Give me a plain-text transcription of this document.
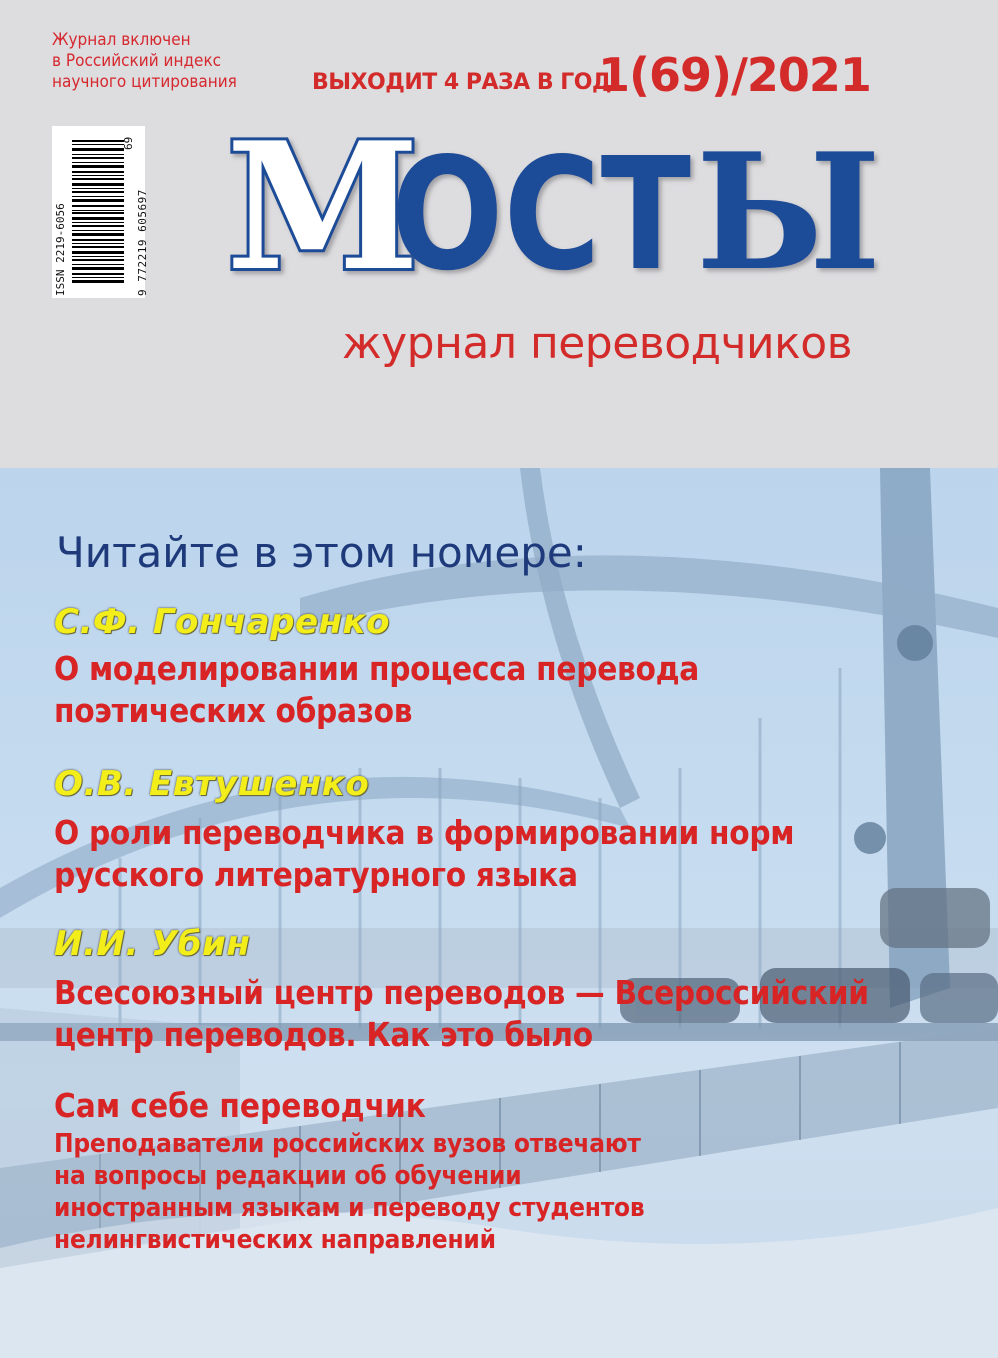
Журнал включен
в Российский индекс
научного цитирования	ВЫХОДИТ 4 РАЗА В ГОД
1(69)/2021
ISSN 2219-6056	9 772219 605697
69 М
ОСТ Ы
журнал переводчиков
Читайте в этом номере:
С.Ф. Гончаренко
О моделировании процесса перевода
поэтических образов
О.В. Евтушенко
О роли переводчика в формировании норм
русского литературного языка
И.И. Убин
Всесоюзный центр переводов — Всероссийский
центр переводов. Как это было
Сам себе переводчик
Преподаватели российских вузов отвечают
на вопросы редакции об обучении
иностранным языкам и переводу студентов
нелингвистических направлений
